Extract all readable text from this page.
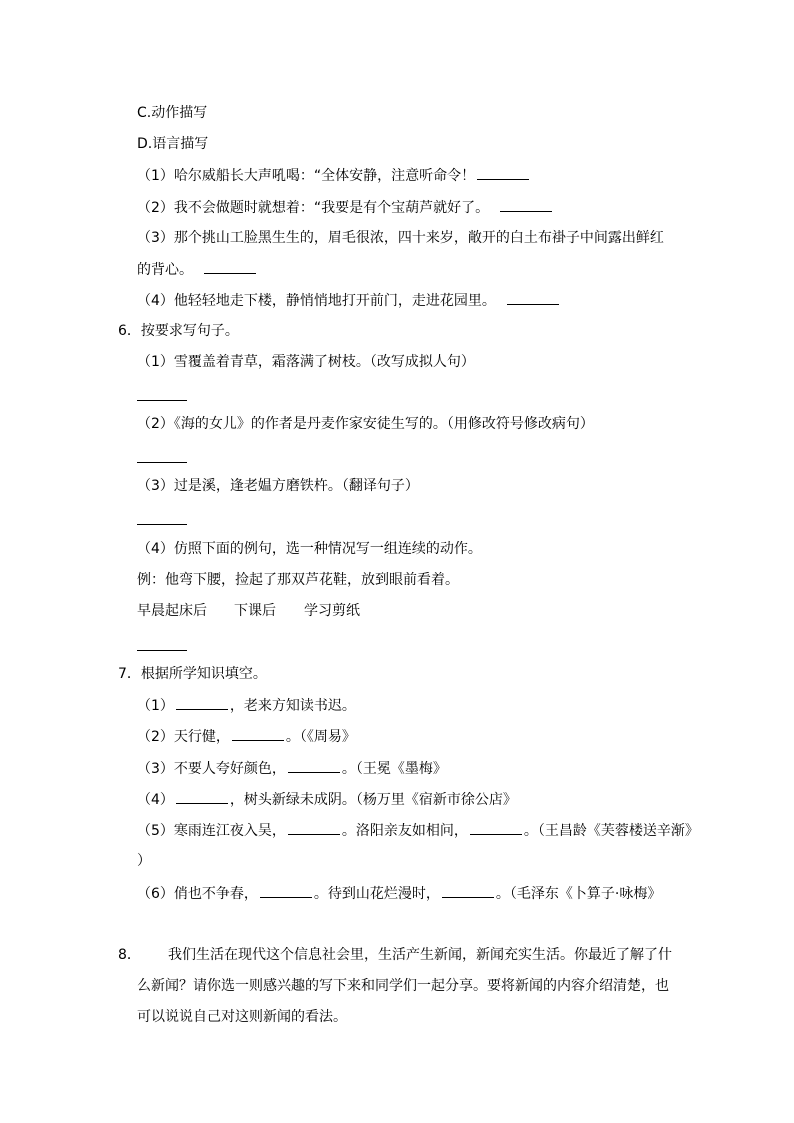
C.动作描写
D.语言描写
（1）哈尔威船长大声吼喝：“全体安静，注意听命令！
（2）我不会做题时就想着：“我要是有个宝葫芦就好了。
（3）那个挑山工脸黑生生的，眉毛很浓，四十来岁，敞开的白土布褂子中间露出鲜红
的背心。
（4）他轻轻地走下楼，静悄悄地打开前门，走进花园里。
6．按要求写句子。
（1）雪覆盖着青草，霜落满了树枝。（改写成拟人句）
（2）《海的女儿》的作者是丹麦作家安徒生写的。（用修改符号修改病句）
（3）过是溪，逢老媪方磨铁杵。（翻译句子）
（4）仿照下面的例句，选一种情况写一组连续的动作。
例：他弯下腰，捡起了那双芦花鞋，放到眼前看着。
早晨起床后 下课后 学习剪纸
7．根据所学知识填空。
（1）	，老来方知读书迟。
（2）天行健，	。（《周易》
（3）不要人夸好颜色，	。（王冕《墨梅》
（4）	，树头新绿未成阴。（杨万里《宿新市徐公店》
（5）寒雨连江夜入吴，	。洛阳亲友如相问，	。（王昌龄《芙蓉楼送辛渐》
）
（6）俏也不争春，	。待到山花烂漫时，	。（毛泽东《卜算子·咏梅》
8． 我们生活在现代这个信息社会里，生活产生新闻，新闻充实生活。你最近了解了什
么新闻？请你选一则感兴趣的写下来和同学们一起分享。要将新闻的内容介绍清楚，也
可以说说自己对这则新闻的看法。
